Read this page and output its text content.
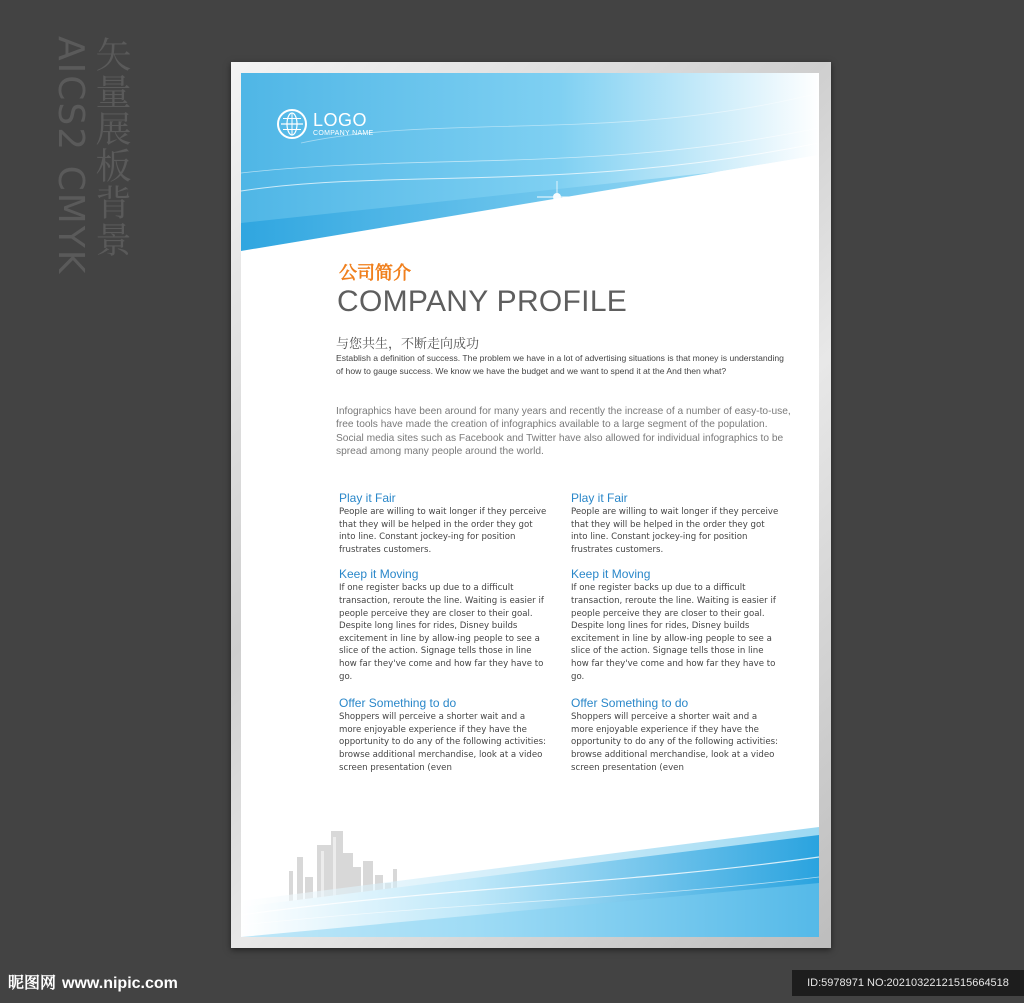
矢量展板背景
AICS2 CMYK	LOGO
COMPANY NAME
公司简介
COMPANY PROFILE
与您共生，不断走向成功
Establish a definition of success. The problem we have in a lot of advertising situations is that money is understanding of how to gauge success. We know we have the budget and we want to spend it at the And then what?
Infographics have been around for many years and recently the increase of a number of easy-to-use, free tools have made the creation of infographics available to a large segment of the population. Social media sites such as Facebook and Twitter have also allowed for individual infographics to be spread among many people around the world.
Play it Fair
People are willing to wait longer if they perceive that they will be helped in the order they got into line. Constant jockey-ing for position frustrates customers.
Keep it Moving
If one register backs up due to a difficult transaction, reroute the line. Waiting is easier if people perceive they are closer to their goal. Despite long lines for rides, Disney builds excitement in line by allow-ing people to see a slice of the action. Signage tells those in line how far they've come and how far they have to go.
Offer Something to do
Shoppers will perceive a shorter wait and a more enjoyable experience if they have the opportunity to do any of the following activities: browse additional merchandise, look at a video screen presentation (even
Play it Fair
People are willing to wait longer if they perceive that they will be helped in the order they got into line. Constant jockey-ing for position frustrates customers.
Keep it Moving
If one register backs up due to a difficult transaction, reroute the line. Waiting is easier if people perceive they are closer to their goal. Despite long lines for rides, Disney builds excitement in line by allow-ing people to see a slice of the action. Signage tells those in line how far they've come and how far they have to go.
Offer Something to do
Shoppers will perceive a shorter wait and a more enjoyable experience if they have the opportunity to do any of the following activities: browse additional merchandise, look at a video screen presentation (even
昵图网 www.nipic.com	ID:5978971 NO:20210322121515664518
